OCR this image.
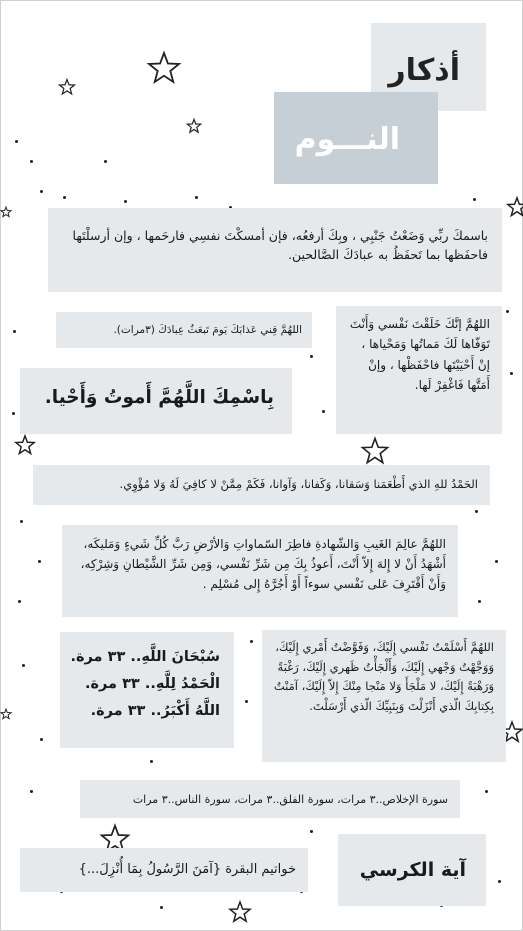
أذكار
النـــوم
باسمكَ ربِّي وَضَعْتُ جَنْبِي ، وبِكَ أرفعُه، فإن أمسكْتَ نفسِي فارحَمها ، وإن أرسلْتَها فاحفَظها بما تَحفَظُ به عبادَكَ الصَّالحين.
اللهُمَّ قِني عَذابَكَ يَومَ تَبعَثُ عِبادَكَ (٣مرات).
بِاسْمِكَ اللَّهُمَّ أَموتُ وَأَحْيا.
اللهُمَّ إنَّكَ خَلَقْتَ نَفْسي وَأَنْتَ تَوَفّاها لَكَ مَماتُها وَمَحْياها ، إنْ أَحْيَيْتَها فاحْفَظْها ، وإنْ أَمَتَّها فَاغْفِرْ لَها.
الحَمْدُ للهِ الذي أَطْعَمَنا وَسَقانا، وَكَفانا، وَآوانا، فَكَمْ مِمَّنْ لا كافِيَ لَهُ وَلا مُؤْوِي.
اللهُمَّ عالِمَ الغَيبِ وَالشّهادةِ فاطِرَ السّماواتِ وَالأرْضِ رَبَّ كُلِّ شَيءٍ وَمَليكَه، أَشْهَدُ أَنْ لا إِلهَ إِلاّ أَنْتَ، أَعوذُ بِكَ مِن شَرِّ نَفْسي، وَمِن شَرِّ الشَّيْطانِ وَشِرْكِه، وَأَنْ أَقْتَرِفَ عَلى نَفْسي سوءاً أَوْ أَجُرَّهُ إِلى مُسْلِم .
سُبْحَانَ اللَّهِ.. ٣٣ مرة.
الْحَمْدُ لِلَّهِ.. ٣٣ مرة.
اللَّهُ أَكْبَرُ.. ٣٣ مرة.
اللهُمَّ أَسْلَمْتُ نَفْسي إِلَيْكَ، وَفَوَّضْتُ أَمْري إِلَيْكَ، وَوَجَّهْتُ وَجْهي إِلَيْكَ، وَأَلْجَأْتُ ظَهري إِلَيْكَ، رَغْبَةً وَرَهْبَةً إِلَيْكَ، لا مَلْجَأَ وَلا مَنْجا مِنْكَ إِلاّ إِلَيْكَ، آمَنْتُ بِكِتابِكَ الّذي أَنْزَلْتَ وَبِنَبِيِّكَ الّذي أَرْسَلْتَ.
سورة الإخلاص..٣ مرات، سورة الفلق..٣ مرات، سورة الناس..٣ مرات
آية الكرسي
خواتيم البقرة {آمَنَ الرَّسُولُ بِمَا أُنْزِلَ...}
